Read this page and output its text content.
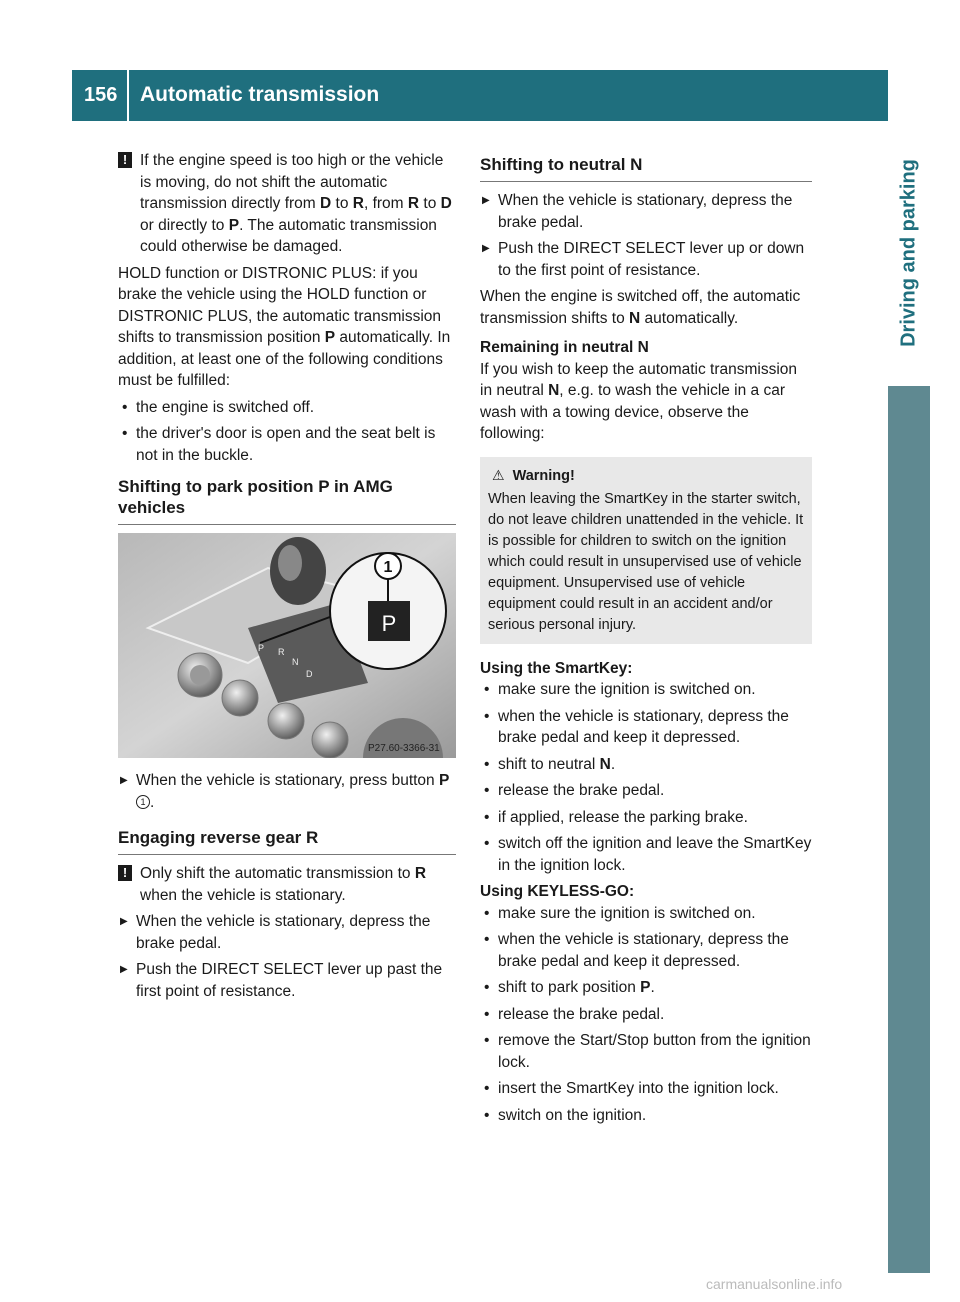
156 Automatic transmission
Driving and parking

! If the engine speed is too high or the vehicle is moving, do not shift the automatic transmission directly from D to R, from R to D or directly to P. The automatic transmission could otherwise be damaged.

HOLD function or DISTRONIC PLUS: if you brake the vehicle using the HOLD function or DISTRONIC PLUS, the automatic transmission shifts to transmission position P automatically. In addition, at least one of the following conditions must be fulfilled:

• the engine is switched off.

• the driver's door is open and the seat belt is not in the buckle.

Shifting to park position P in AMG vehicles
P R
N
D
1
P
P27.60-3366-31

▶ When the vehicle is stationary, press button P 1 .

Engaging reverse gear R

! Only shift the automatic transmission to R when the vehicle is stationary.

▶ When the vehicle is stationary, depress the brake pedal.

▶ Push the DIRECT SELECT lever up past the first point of resistance.

Shifting to neutral N

▶ When the vehicle is stationary, depress the brake pedal.

▶ Push the DIRECT SELECT lever up or down to the first point of resistance.

When the engine is switched off, the automatic transmission shifts to N automatically.

Remaining in neutral N

If you wish to keep the automatic transmission in neutral N, e.g. to wash the vehicle in a car wash with a towing device, observe the following:

⚠ Warning!
When leaving the SmartKey in the starter switch, do not leave children unattended in the vehicle. It is possible for children to switch on the ignition which could result in unsupervised use of vehicle equipment. Unsupervised use of vehicle equipment could result in an accident and/or serious personal injury.

Using the SmartKey:

• make sure the ignition is switched on.

• when the vehicle is stationary, depress the brake pedal and keep it depressed.

• shift to neutral N.

• release the brake pedal.

• if applied, release the parking brake.

• switch off the ignition and leave the SmartKey in the ignition lock.

Using KEYLESS-GO:

• make sure the ignition is switched on.

• when the vehicle is stationary, depress the brake pedal and keep it depressed.

• shift to park position P.

• release the brake pedal.

• remove the Start/Stop button from the ignition lock.

• insert the SmartKey into the ignition lock.

• switch on the ignition.

carmanualsonline.info
